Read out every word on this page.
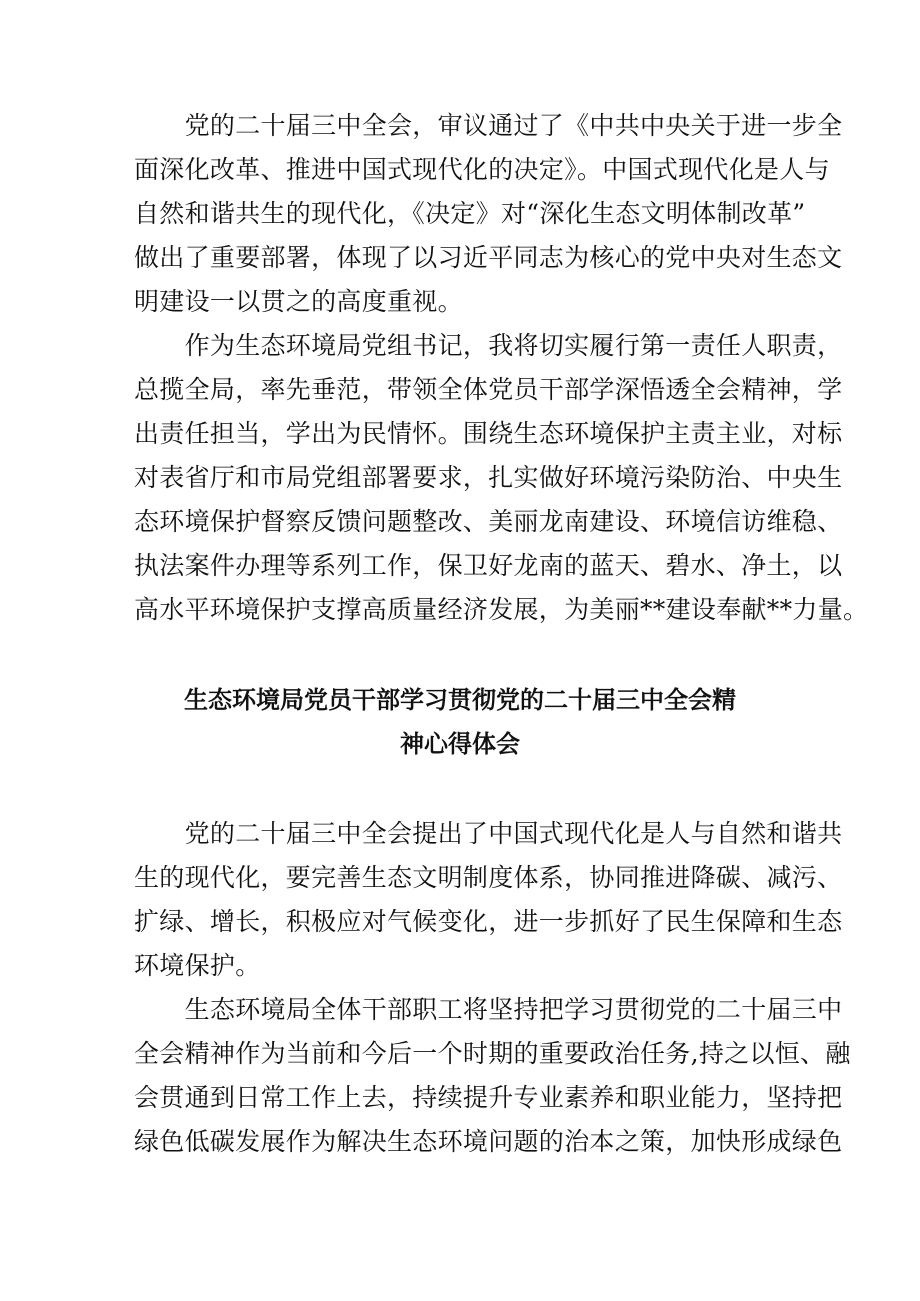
　　党的二十届三中全会，审议通过了《中共中央关于进一步全
面深化改革、推进中国式现代化的决定》。中国式现代化是人与
自然和谐共生的现代化，《决定》对“深化生态文明体制改革”
做出了重要部署，体现了以习近平同志为核心的党中央对生态文
明建设一以贯之的高度重视。
　　作为生态环境局党组书记，我将切实履行第一责任人职责，
总揽全局，率先垂范，带领全体党员干部学深悟透全会精神，学
出责任担当，学出为民情怀。围绕生态环境保护主责主业，对标
对表省厅和市局党组部署要求，扎实做好环境污染防治、中央生
态环境保护督察反馈问题整改、美丽龙南建设、环境信访维稳、
执法案件办理等系列工作，保卫好龙南的蓝天、碧水、净土，以
高水平环境保护支撑高质量经济发展，为美丽**建设奉献**力量。
生态环境局党员干部学习贯彻党的二十届三中全会精
神心得体会
　　党的二十届三中全会提出了中国式现代化是人与自然和谐共
生的现代化，要完善生态文明制度体系，协同推进降碳、减污、
扩绿、增长，积极应对气候变化，进一步抓好了民生保障和生态
环境保护。
　　生态环境局全体干部职工将坚持把学习贯彻党的二十届三中
全会精神作为当前和今后一个时期的重要政治任务,持之以恒、融
会贯通到日常工作上去，持续提升专业素养和职业能力，坚持把
绿色低碳发展作为解决生态环境问题的治本之策，加快形成绿色
